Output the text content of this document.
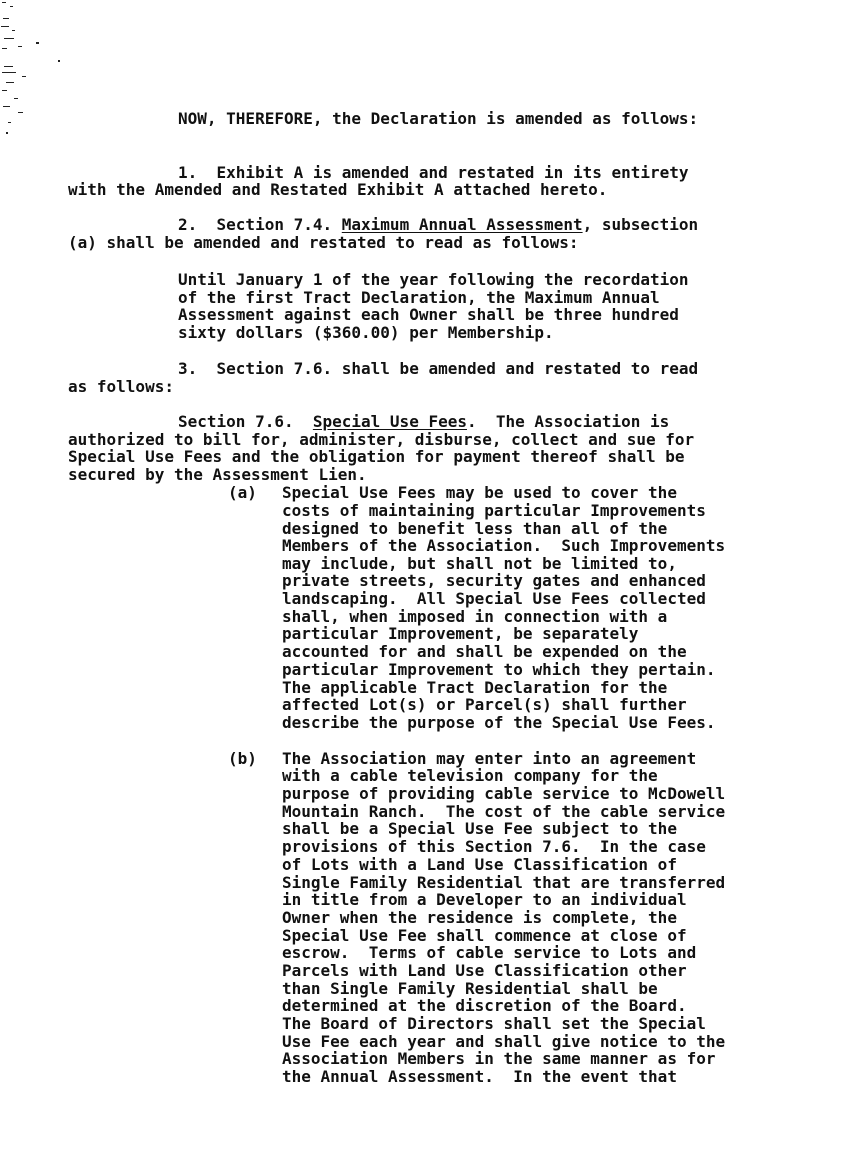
NOW, THEREFORE, the Declaration is amended as follows:
1.  Exhibit A is amended and restated in its entirety
with the Amended and Restated Exhibit A attached hereto.
2.  Section 7.4. Maximum Annual Assessment, subsection
(a) shall be amended and restated to read as follows:
Until January 1 of the year following the recordation
of the first Tract Declaration, the Maximum Annual
Assessment against each Owner shall be three hundred
sixty dollars ($360.00) per Membership.
3.  Section 7.6. shall be amended and restated to read
as follows:
Section 7.6.  Special Use Fees.  The Association is
authorized to bill for, administer, disburse, collect and sue for
Special Use Fees and the obligation for payment thereof shall be
secured by the Assessment Lien.
(a) Special Use Fees may be used to cover the
costs of maintaining particular Improvements
designed to benefit less than all of the
Members of the Association.  Such Improvements
may include, but shall not be limited to,
private streets, security gates and enhanced
landscaping.  All Special Use Fees collected
shall, when imposed in connection with a
particular Improvement, be separately
accounted for and shall be expended on the
particular Improvement to which they pertain.
The applicable Tract Declaration for the
affected Lot(s) or Parcel(s) shall further
describe the purpose of the Special Use Fees.
(b) The Association may enter into an agreement
with a cable television company for the
purpose of providing cable service to McDowell
Mountain Ranch.  The cost of the cable service
shall be a Special Use Fee subject to the
provisions of this Section 7.6.  In the case
of Lots with a Land Use Classification of
Single Family Residential that are transferred
in title from a Developer to an individual
Owner when the residence is complete, the
Special Use Fee shall commence at close of
escrow.  Terms of cable service to Lots and
Parcels with Land Use Classification other
than Single Family Residential shall be
determined at the discretion of the Board.
The Board of Directors shall set the Special
Use Fee each year and shall give notice to the
Association Members in the same manner as for
the Annual Assessment.  In the event that
